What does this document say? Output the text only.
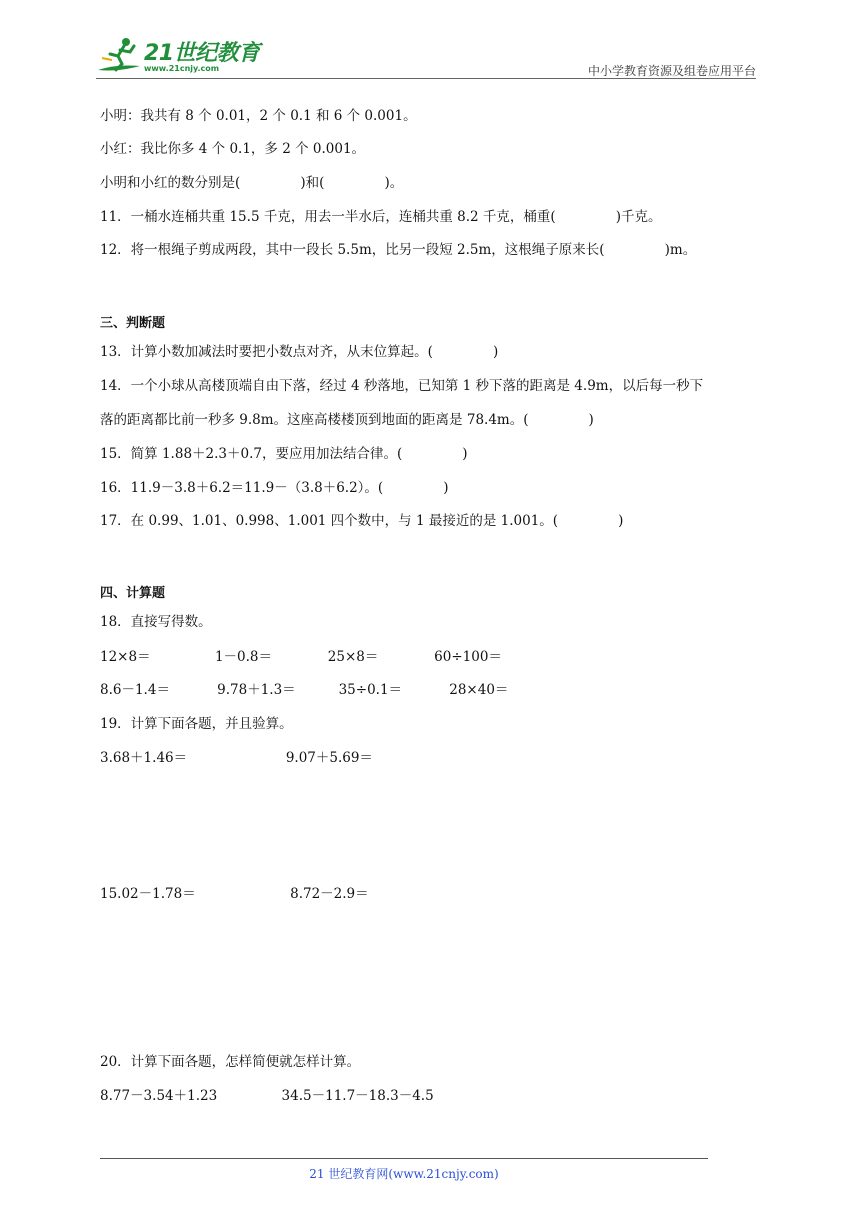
21世纪教育
www.21cnjy.com	中小学教育资源及组卷应用平台
小明：我共有 8 个 0.01，2 个 0.1 和 6 个 0.001。
小红：我比你多 4 个 0.1，多 2 个 0.001。
小明和小红的数分别是(              )和(              )。
11．一桶水连桶共重 15.5 千克，用去一半水后，连桶共重 8.2 千克，桶重(              )千克。
12．将一根绳子剪成两段，其中一段长 5.5m，比另一段短 2.5m，这根绳子原来长(              )m。
三、判断题
13．计算小数加减法时要把小数点对齐，从末位算起。(              )
14．一个小球从高楼顶端自由下落，经过 4 秒落地，已知第 1 秒下落的距离是 4.9m，以后每一秒下
落的距离都比前一秒多 9.8m。这座高楼楼顶到地面的距离是 78.4m。(              )
15．简算 1.88＋2.3＋0.7，要应用加法结合律。(              )
16．11.9－3.8＋6.2＝11.9－（3.8＋6.2）。(              )
17．在 0.99、1.01、0.998、1.001 四个数中，与 1 最接近的是 1.001。(              )
四、计算题
18．直接写得数。
12×8＝               1－0.8＝             25×8＝             60÷100＝
8.6－1.4＝           9.78＋1.3＝          35÷0.1＝           28×40＝
19．计算下面各题，并且验算。
3.68＋1.46＝                       9.07＋5.69＝
15.02－1.78＝                      8.72－2.9＝
20．计算下面各题，怎样简便就怎样计算。
8.77－3.54＋1.23               34.5－11.7－18.3－4.5
21 世纪教育网(www.21cnjy.com)
